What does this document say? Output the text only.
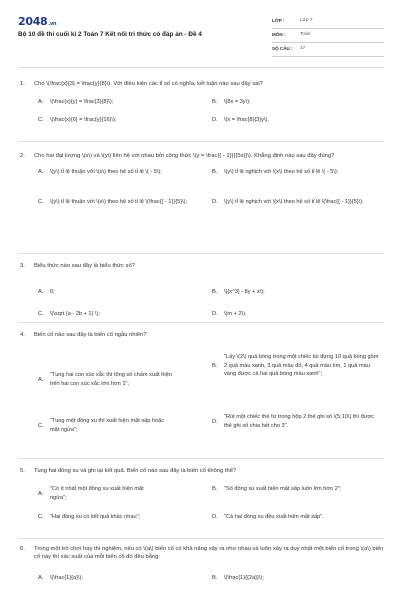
2048.vn
Bộ 10 đề thi cuối kì 2 Toán 7 Kết nối tri thức có đáp án - Đề 4
LỚP :	Lớp 7
MÔN :	Toán
SỐ CÂU :	17
1. Cho \(\frac{x}{3} = \frac{y}{8}\). Với điều kiện các tỉ số có nghĩa, kết luận nào sau đây sai?
A.	\(\frac{x}{y} = \frac{3}{8}\);	B.	\(8x = 3y\);
C.	\(\frac{x}{6} = \frac{y}{16}\);	D.	\(x = \frac{8}{3}y\).
2. Cho hai đại lượng \(x\) và \(y\) liên hệ với nhau bởi công thức \(y = \frac{{ - 1}}{{5x}}\). Khẳng định nào sau đây đúng?
A.	\(y\) tỉ lệ thuận với \(x\) theo hệ số tỉ lệ \( - 5\);	B.	\(y\) tỉ lệ nghịch với \(x\) theo hệ số tỉ lệ \( - 5\);
C.	\(y\) tỉ lệ thuận với \(x\) theo hệ số tỉ lệ \(\frac{{ - 1}}{5}\);	D.	\(y\) tỉ lệ nghịch với \(x\) theo hệ số tỉ lệ \(\frac{{ - 1}}{5}\).
3. Biểu thức nào sau đây là biểu thức số?
A.	0;	B.	\({x^3} - 8y + z\);
C.	\(\sqrt {a - 2b + 1} \);	D.	\(m + 2\).
4. Biến cố nào sau đây là biến cố ngẫu nhiên?
A.
"Tung hai con xúc xắc thì tổng số chấm xuất hiện trên hai con xúc xắc lớn hơn 1";
B.
"Lấy \(2\) quả bóng trong một chiếc túi đựng 10 quả bóng gồm 2 quả màu xanh, 3 quả màu đỏ, 4 quả màu tím, 1 quả màu vàng được cả hai quả bóng màu xanh";
C.
"Tung một đồng xu thì xuất hiện mặt sấp hoặc mặt ngửa";
D.
"Rút một chiếc thẻ từ trong hộp 2 thẻ ghi số \(5;10\) thì được thẻ ghi số chia hết cho 3".
5. Tung hai đồng xu và ghi lại kết quả. Biến cố nào sau đây là biến cố không thể?
A.
"Có ít nhất một đồng xu xuất hiện mặt ngửa";
B.	"Số đồng xu xuất hiện mặt sấp luôn lớn hơn 2";
C.	"Hai đồng xu có kết quả khác nhau";	D.	"Cả hai đồng xu đều xuất hiện mặt sấp".
6. Trong một trò chơi hay thí nghiệm, nếu có \(a\) biến cố có khả năng xảy ra như nhau và luôn xảy ra duy nhất một biến cố trong \(a\) biến cố này thì xác suất của mỗi biến cố đó đều bằng:
A.	\(\frac{1}{a}\);	B.	\(\frac{1}{{2a}}\);
